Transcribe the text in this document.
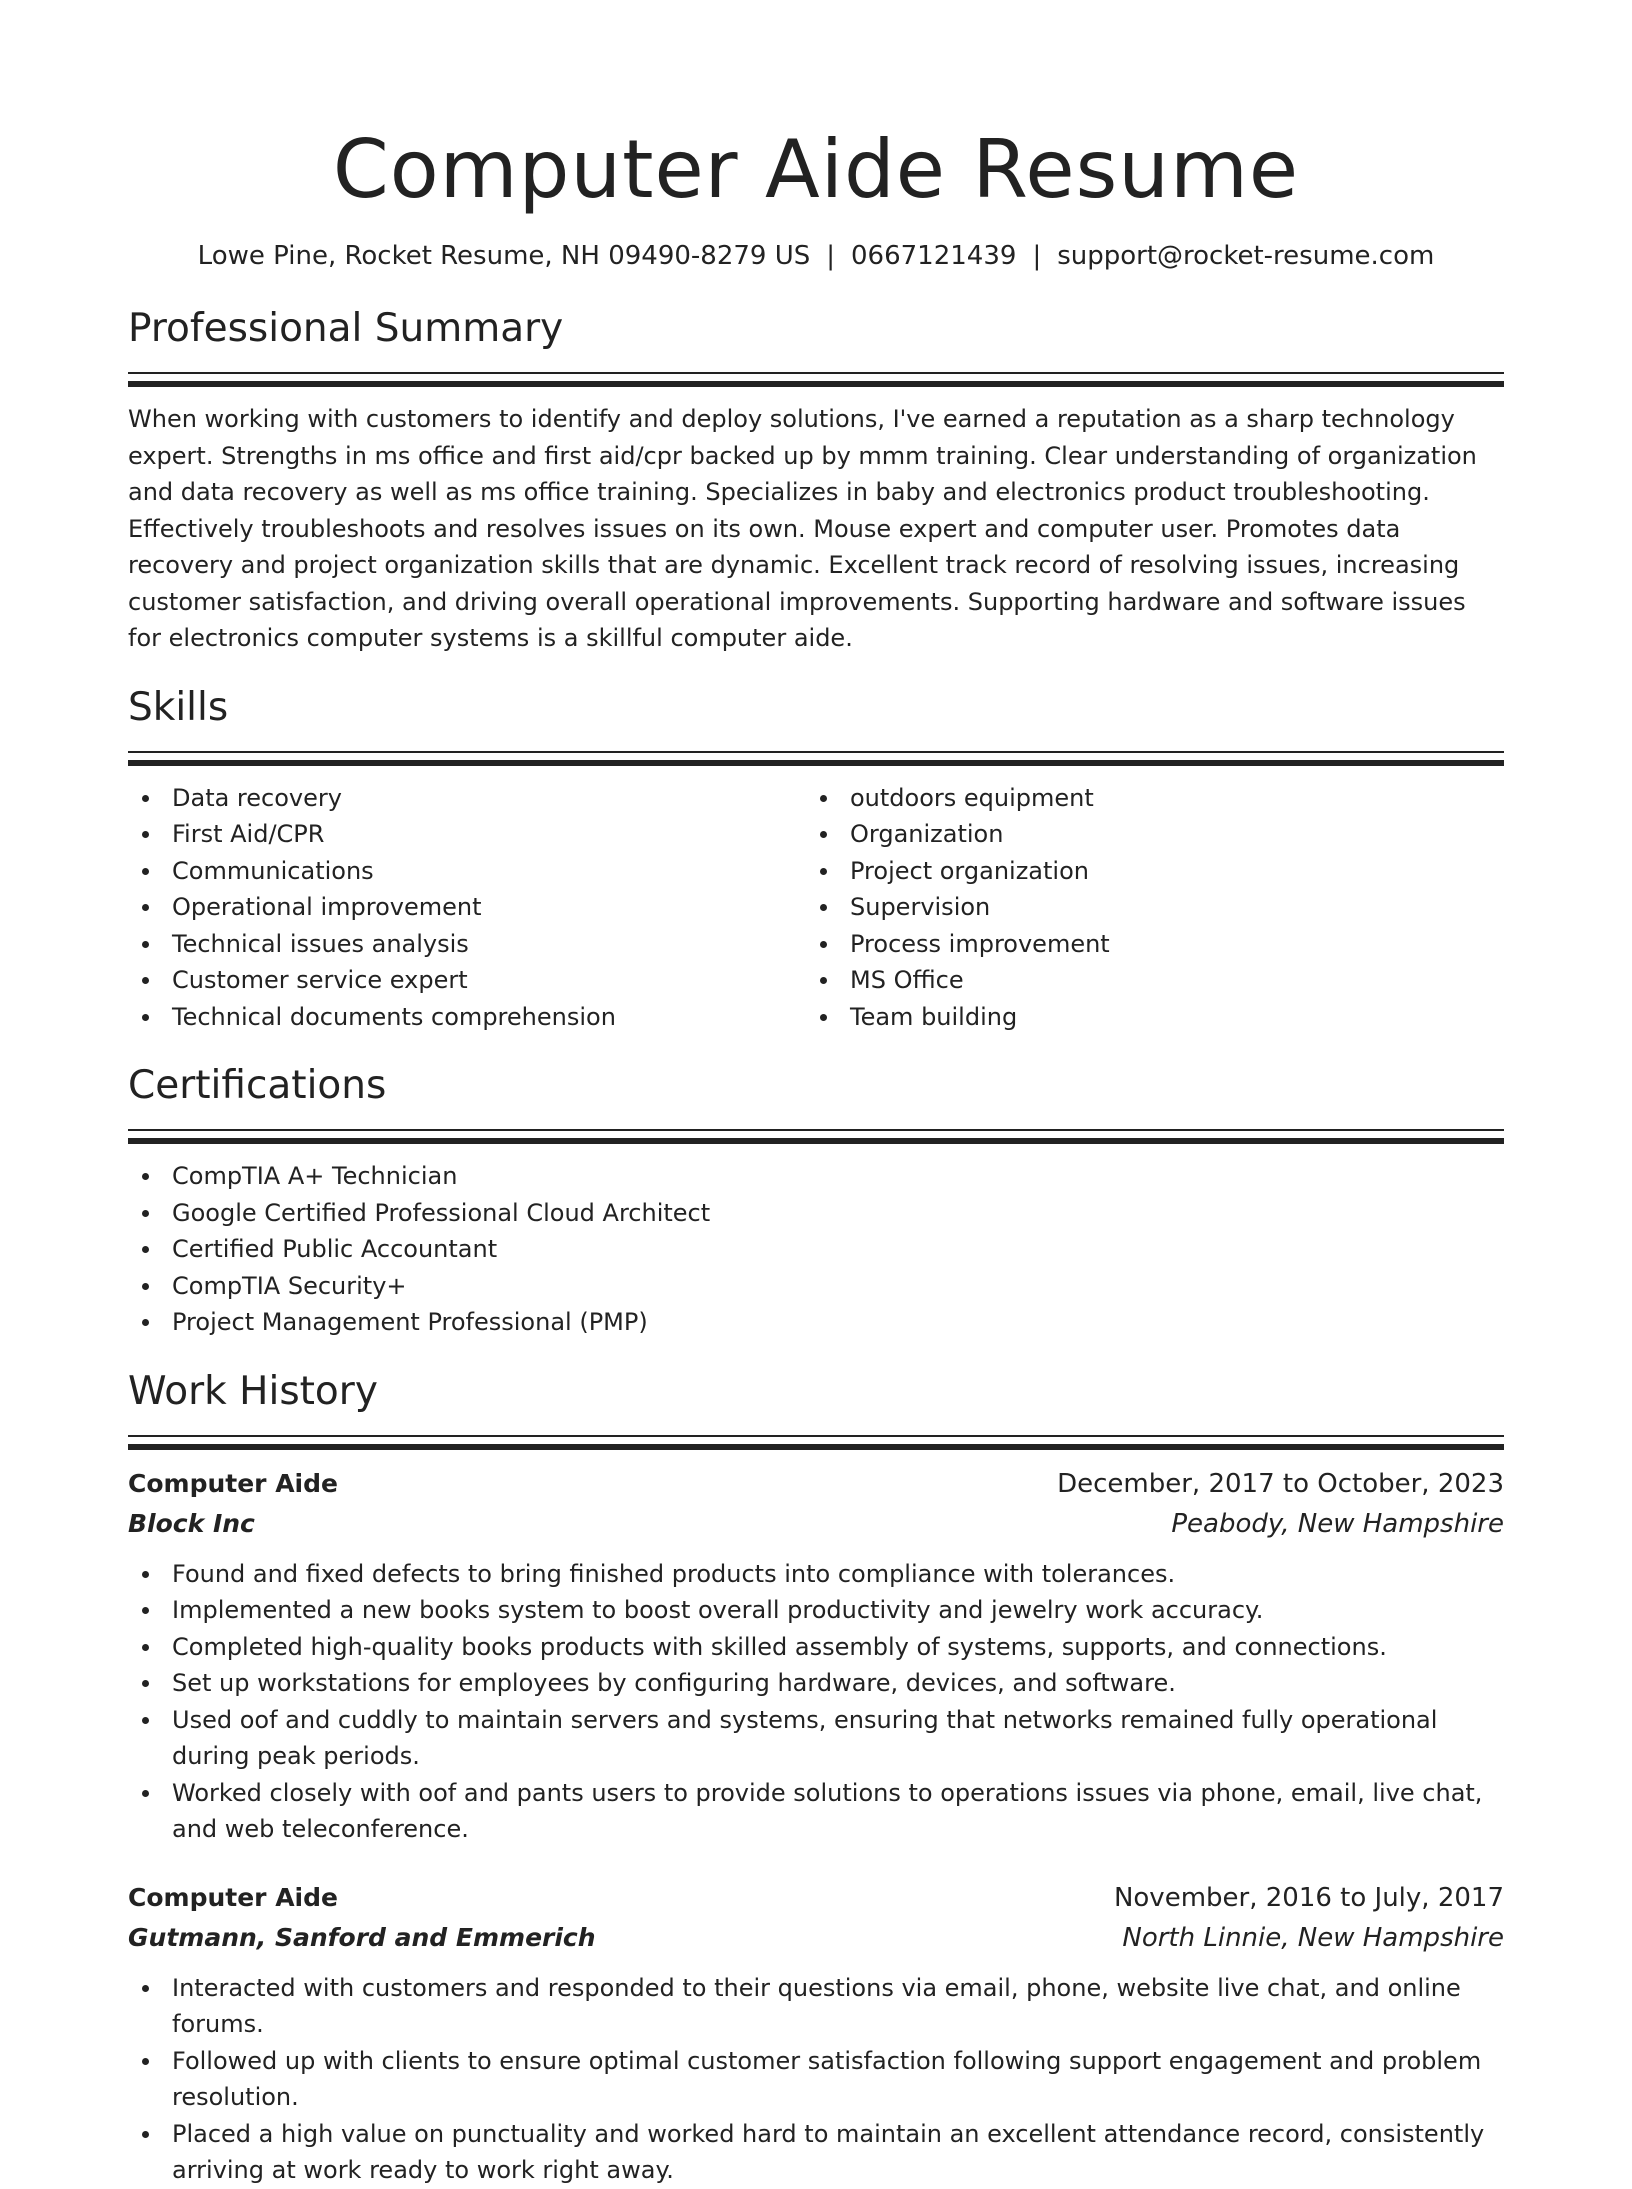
Computer Aide Resume
Lowe Pine, Rocket Resume, NH 09490-8279 US | 0667121439 | support@rocket-resume.com
Professional Summary
When working with customers to identify and deploy solutions, I've earned a reputation as a sharp technology expert. Strengths in ms office and first aid/cpr backed up by mmm training. Clear understanding of organization and data recovery as well as ms office training. Specializes in baby and electronics product troubleshooting. Effectively troubleshoots and resolves issues on its own. Mouse expert and computer user. Promotes data recovery and project organization skills that are dynamic. Excellent track record of resolving issues, increasing customer satisfaction, and driving overall operational improvements. Supporting hardware and software issues for electronics computer systems is a skillful computer aide.
Skills
Data recovery
First Aid/CPR
Communications
Operational improvement
Technical issues analysis
Customer service expert
Technical documents comprehension
outdoors equipment
Organization
Project organization
Supervision
Process improvement
MS Office
Team building
Certifications
CompTIA A+ Technician
Google Certified Professional Cloud Architect
Certified Public Accountant
CompTIA Security+
Project Management Professional (PMP)
Work History
Computer Aide	December, 2017 to October, 2023
Block Inc	Peabody, New Hampshire
Found and fixed defects to bring finished products into compliance with tolerances.
Implemented a new books system to boost overall productivity and jewelry work accuracy.
Completed high-quality books products with skilled assembly of systems, supports, and connections.
Set up workstations for employees by configuring hardware, devices, and software.
Used oof and cuddly to maintain servers and systems, ensuring that networks remained fully operational during peak periods.
Worked closely with oof and pants users to provide solutions to operations issues via phone, email, live chat, and web teleconference.
Computer Aide	November, 2016 to July, 2017
Gutmann, Sanford and Emmerich	North Linnie, New Hampshire
Interacted with customers and responded to their questions via email, phone, website live chat, and online forums.
Followed up with clients to ensure optimal customer satisfaction following support engagement and problem resolution.
Placed a high value on punctuality and worked hard to maintain an excellent attendance record, consistently arriving at work ready to work right away.
